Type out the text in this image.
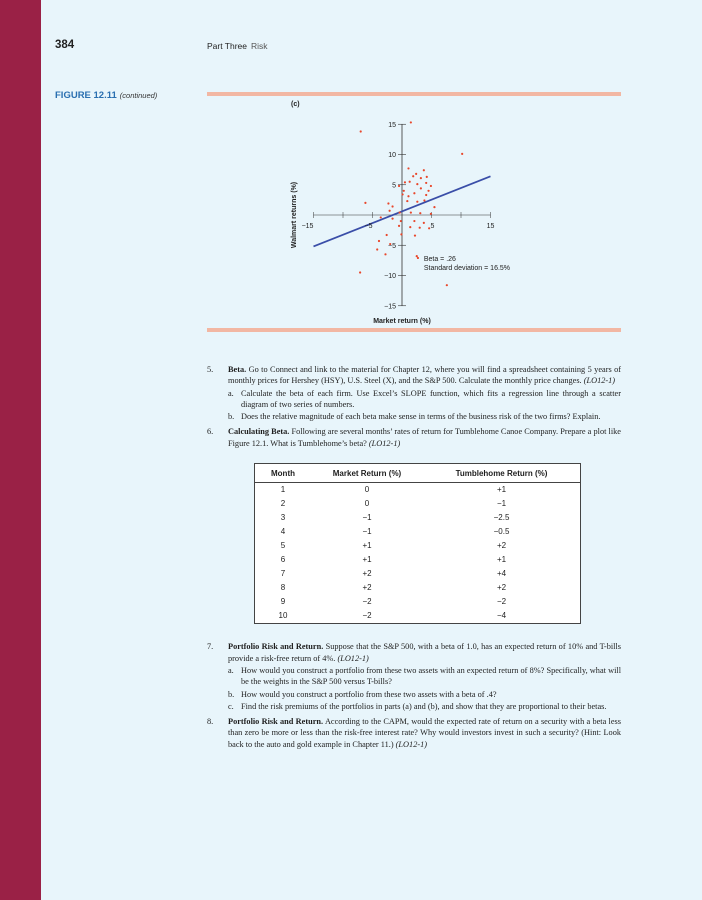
384	Part Three Risk
FIGURE 12.11 (continued)
(c)
−15	−5	5	15
15
10
5
−5
−10
−15
Beta = .26
Standard deviation = 16.5%
Market return (%)
Walmart returns (%)
5. Beta. Go to Connect and link to the material for Chapter 12, where you will find a spreadsheet containing 5 years of monthly prices for Hershey (HSY), U.S. Steel (X), and the S&P 500. Calculate the monthly price changes. (LO12-1)
a. Calculate the beta of each firm. Use Excel’s SLOPE function, which fits a regression line through a scatter diagram of two series of numbers.
b. Does the relative magnitude of each beta make sense in terms of the business risk of the two firms? Explain.
6. Calculating Beta. Following are several months’ rates of return for Tumblehome Canoe Company. Prepare a plot like Figure 12.1. What is Tumblehome’s beta? (LO12-1)
Month	Market Return (%)	Tumblehome Return (%)
1	0	+1
2	0	−1
3	−1	−2.5
4	−1	−0.5
5	+1	+2
6	+1	+1
7	+2	+4
8	+2	+2
9	−2	−2
10	−2	−4
7. Portfolio Risk and Return. Suppose that the S&P 500, with a beta of 1.0, has an expected return of 10% and T-bills provide a risk-free return of 4%. (LO12-1)
a. How would you construct a portfolio from these two assets with an expected return of 8%? Specifically, what will be the weights in the S&P 500 versus T-bills?
b. How would you construct a portfolio from these two assets with a beta of .4?
c. Find the risk premiums of the portfolios in parts (a) and (b), and show that they are proportional to their betas.
8. Portfolio Risk and Return. According to the CAPM, would the expected rate of return on a security with a beta less than zero be more or less than the risk-free interest rate? Why would investors invest in such a security? (Hint: Look back to the auto and gold example in Chapter 11.) (LO12-1)
